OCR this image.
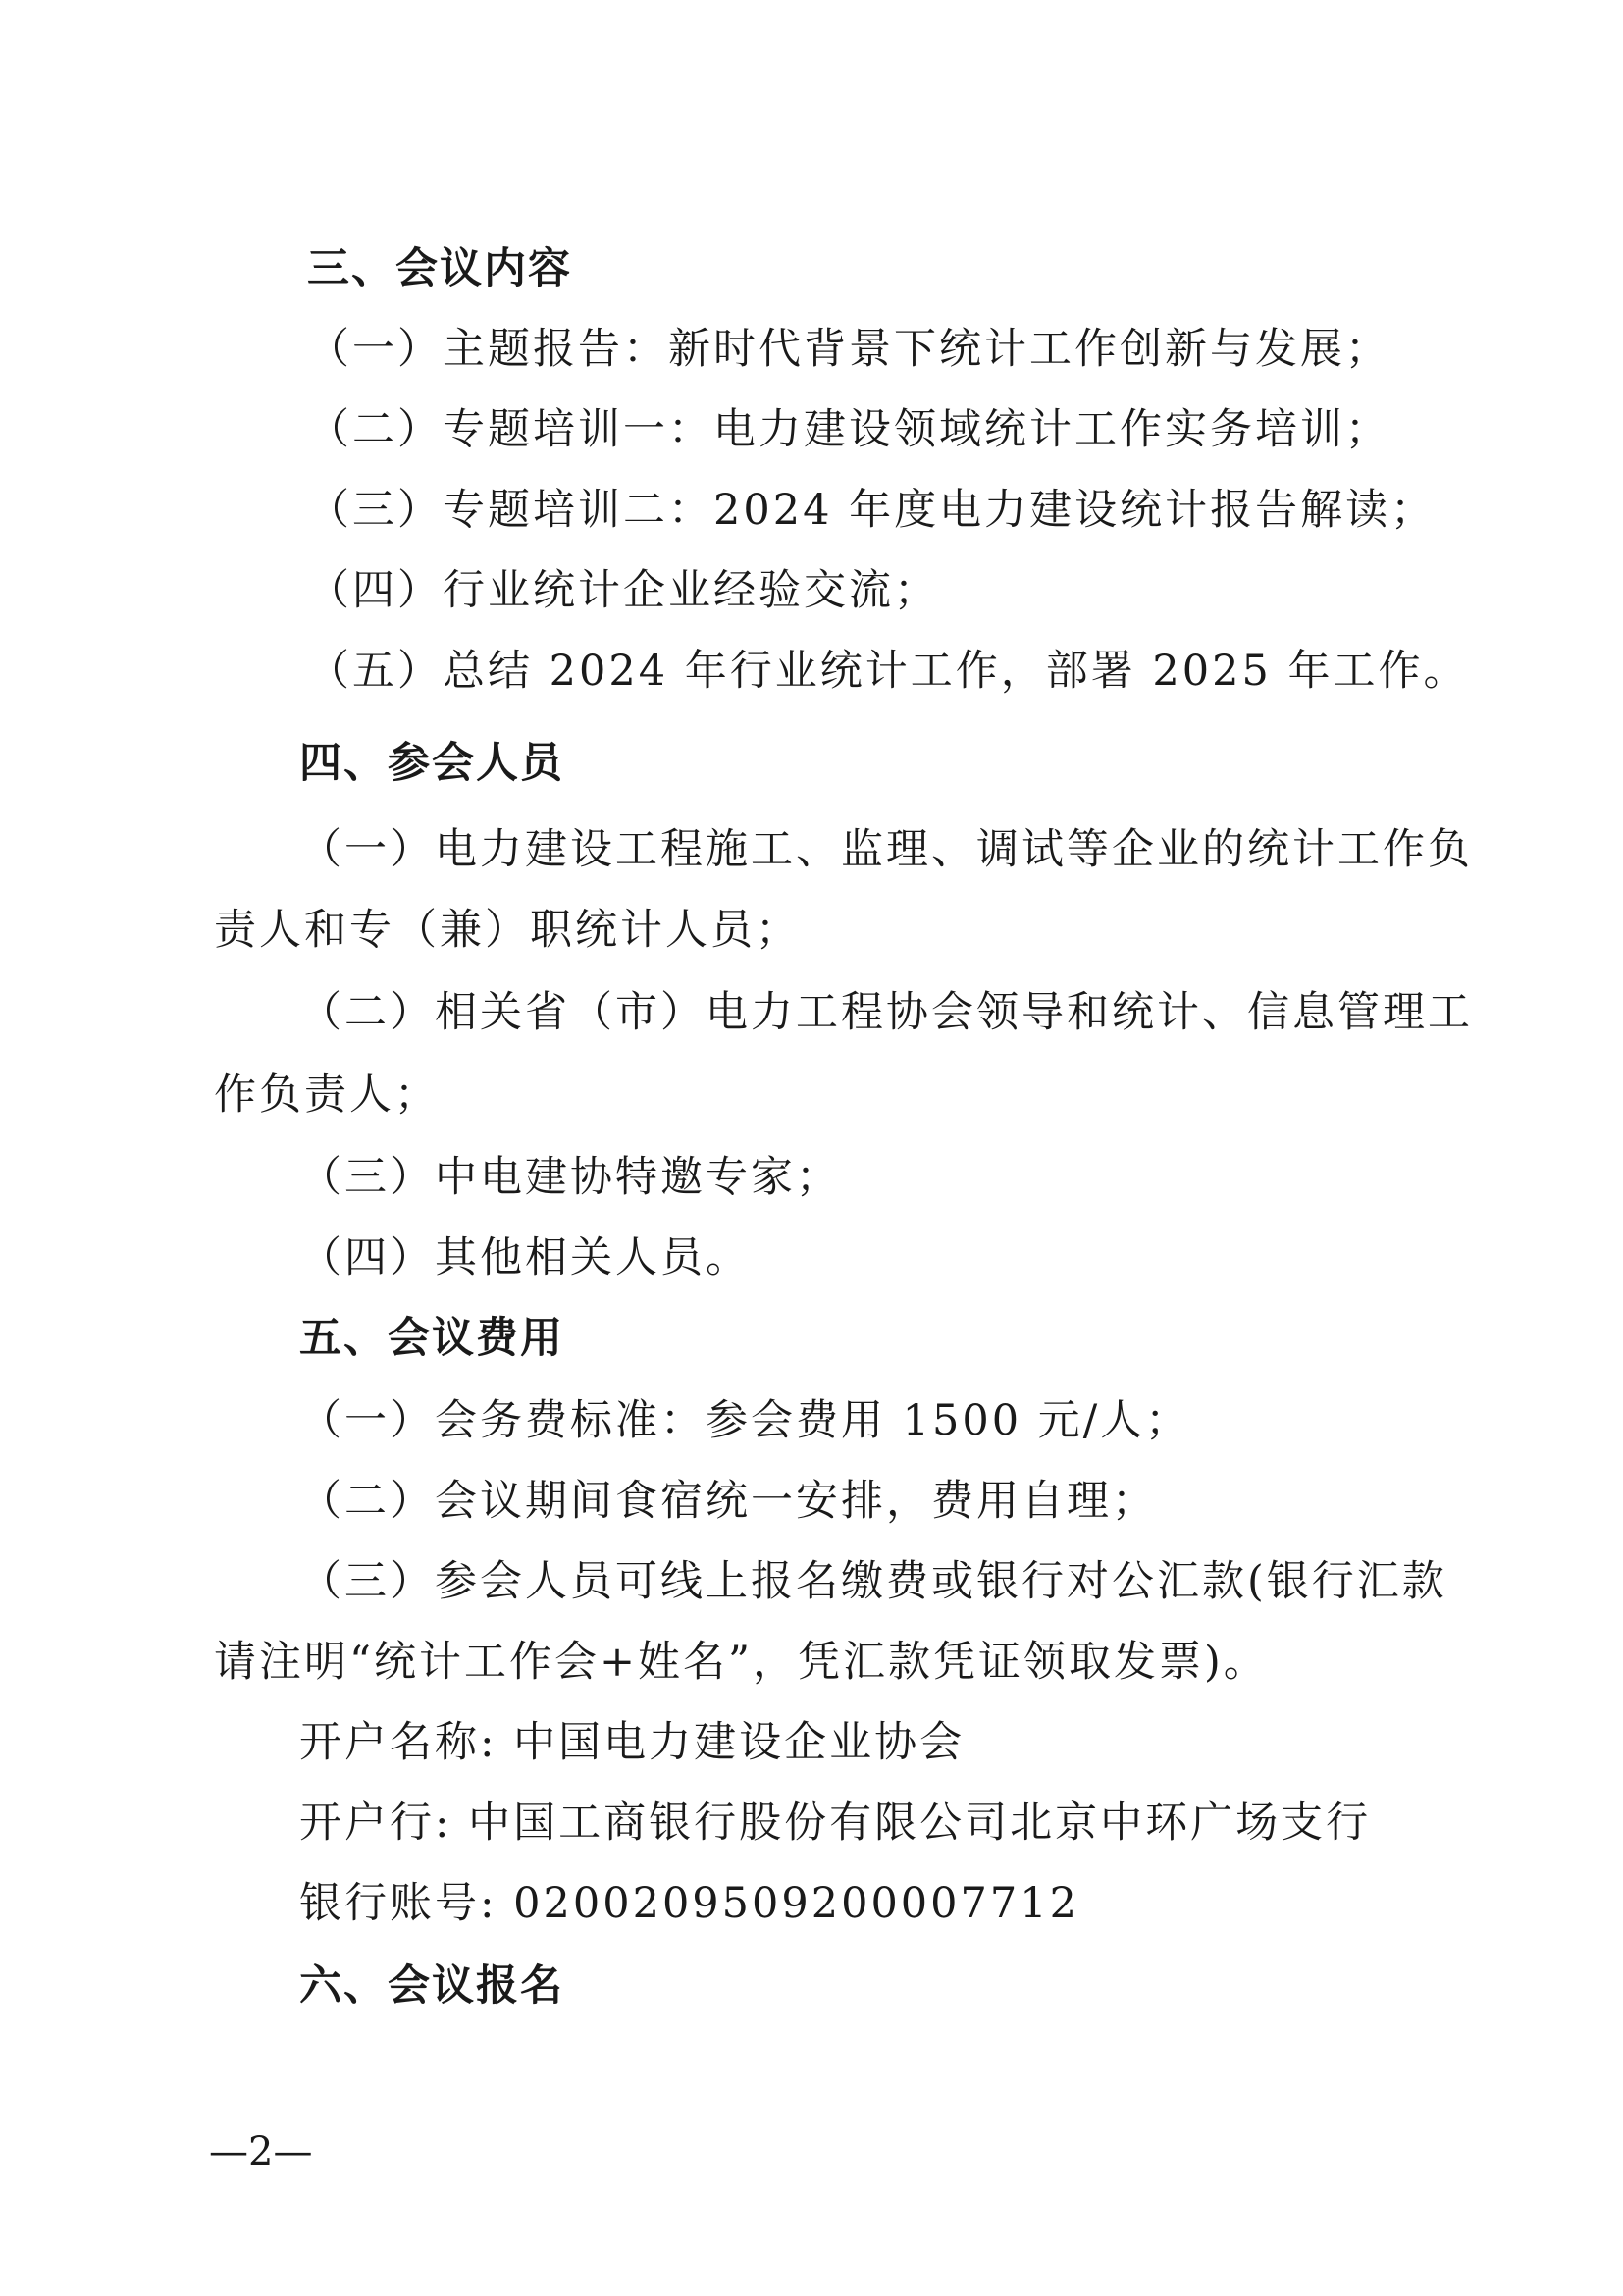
三、会议内容
（一）主题报告：新时代背景下统计工作创新与发展；
（二）专题培训一：电力建设领域统计工作实务培训；
（三）专题培训二：2024 年度电力建设统计报告解读；
（四）行业统计企业经验交流；
（五）总结 2024 年行业统计工作，部署 2025 年工作。
四、参会人员
（一）电力建设工程施工、监理、调试等企业的统计工作负
责人和专（兼）职统计人员；
（二）相关省（市）电力工程协会领导和统计、信息管理工
作负责人；
（三）中电建协特邀专家；
（四）其他相关人员。
五、会议费用
（一）会务费标准：参会费用 1500 元/人；
（二）会议期间食宿统一安排，费用自理；
（三）参会人员可线上报名缴费或银行对公汇款(银行汇款
请注明“统计工作会+姓名”，凭汇款凭证领取发票)。
开户名称: 中国电力建设企业协会
开户行: 中国工商银行股份有限公司北京中环广场支行
银行账号: 0200209509200007712
六、会议报名
—2—
